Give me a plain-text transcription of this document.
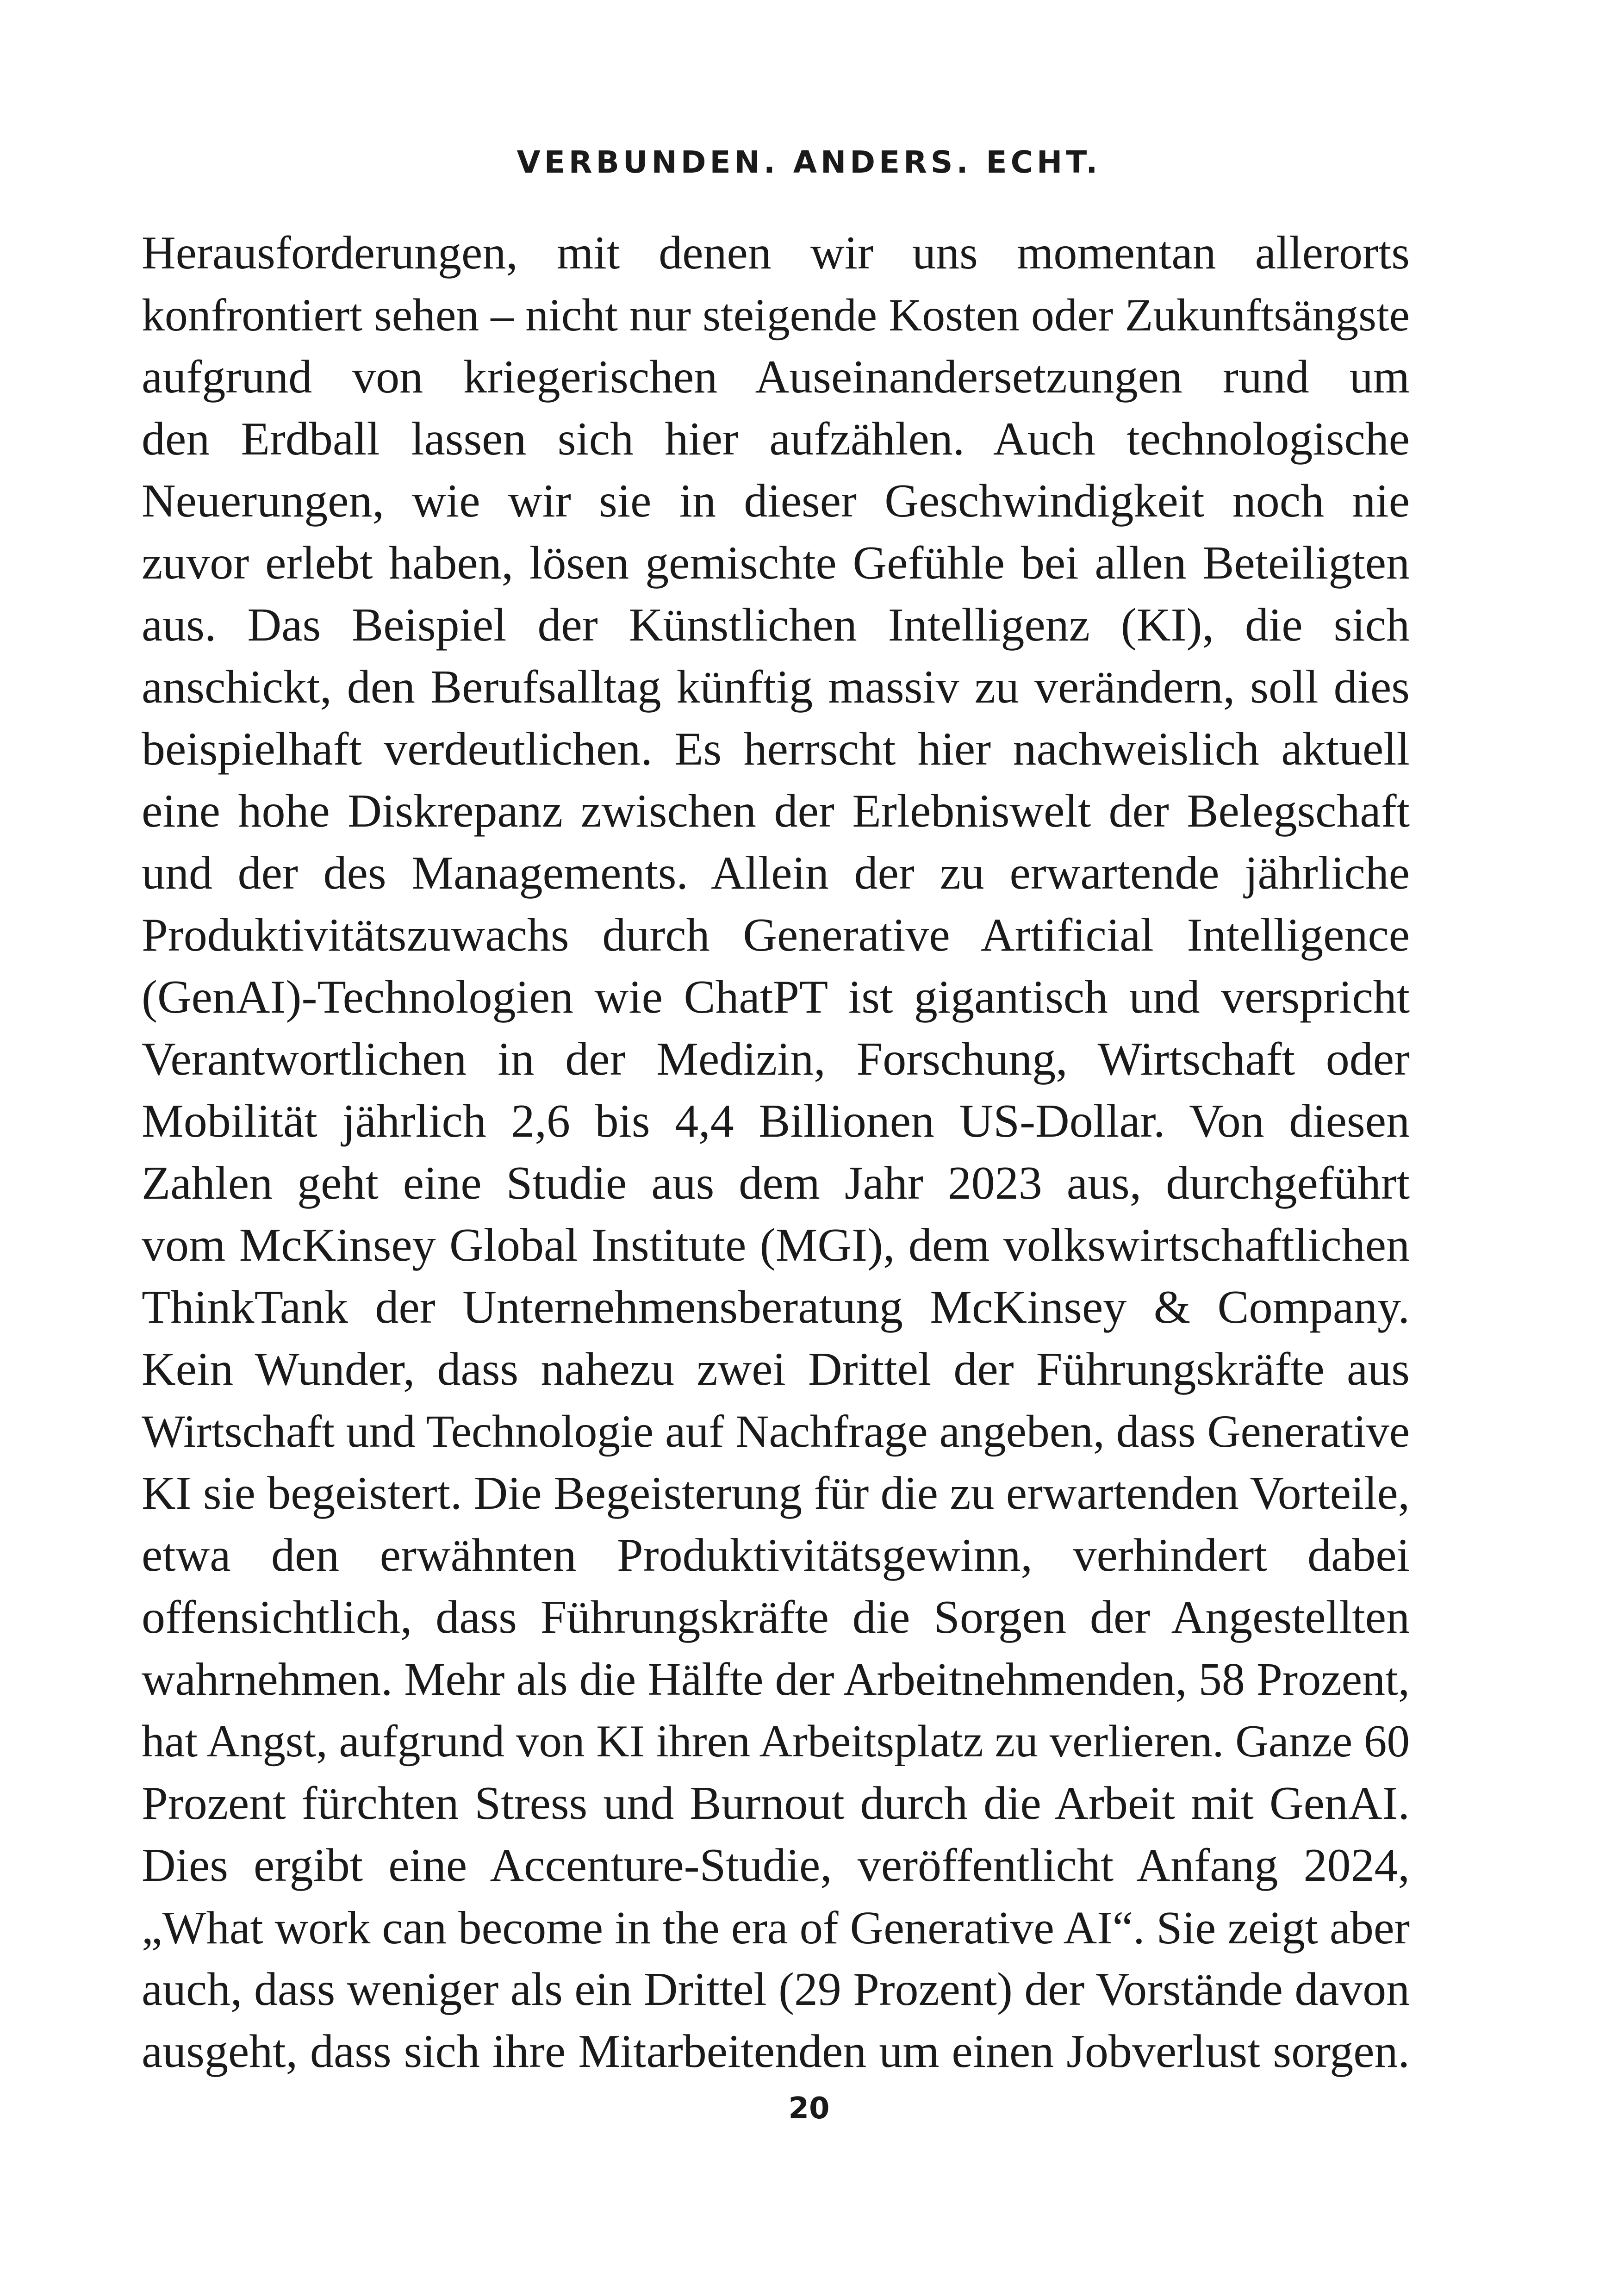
VERBUNDEN. ANDERS. ECHT.
Herausforderungen, mit denen wir uns momentan allerorts
konfrontiert sehen – nicht nur steigende Kosten oder Zukunftsängste
aufgrund von kriegerischen Auseinandersetzungen rund um
den Erdball lassen sich hier aufzählen. Auch technologische
Neuerungen, wie wir sie in dieser Geschwindigkeit noch nie
zuvor erlebt haben, lösen gemischte Gefühle bei allen Beteiligten
aus. Das Beispiel der Künstlichen Intelligenz (KI), die sich
anschickt, den Berufsalltag künftig massiv zu verändern, soll dies
beispielhaft verdeutlichen. Es herrscht hier nachweislich aktuell
eine hohe Diskrepanz zwischen der Erlebniswelt der Belegschaft
und der des Managements. Allein der zu erwartende jährliche
Produktivitätszuwachs durch Generative Artificial Intelligence
(GenAI)-Technologien wie ChatPT ist gigantisch und verspricht
Verantwortlichen in der Medizin, Forschung, Wirtschaft oder
Mobilität jährlich 2,6 bis 4,4 Billionen US-Dollar. Von diesen
Zahlen geht eine Studie aus dem Jahr 2023 aus, durchgeführt
vom McKinsey Global Institute (MGI), dem volkswirtschaftlichen
ThinkTank der Unternehmensberatung McKinsey & Company.
Kein Wunder, dass nahezu zwei Drittel der Führungskräfte aus
Wirtschaft und Technologie auf Nachfrage angeben, dass Generative
KI sie begeistert. Die Begeisterung für die zu erwartenden Vorteile,
etwa den erwähnten Produktivitätsgewinn, verhindert dabei
offensichtlich, dass Führungskräfte die Sorgen der Angestellten
wahrnehmen. Mehr als die Hälfte der Arbeitnehmenden, 58 Prozent,
hat Angst, aufgrund von KI ihren Arbeitsplatz zu verlieren. Ganze 60
Prozent fürchten Stress und Burnout durch die Arbeit mit GenAI.
Dies ergibt eine Accenture-Studie, veröffentlicht Anfang 2024,
„What work can become in the era of Generative AI“. Sie zeigt aber
auch, dass weniger als ein Drittel (29 Prozent) der Vorstände davon
ausgeht, dass sich ihre Mitarbeitenden um einen Jobverlust sorgen.
20
